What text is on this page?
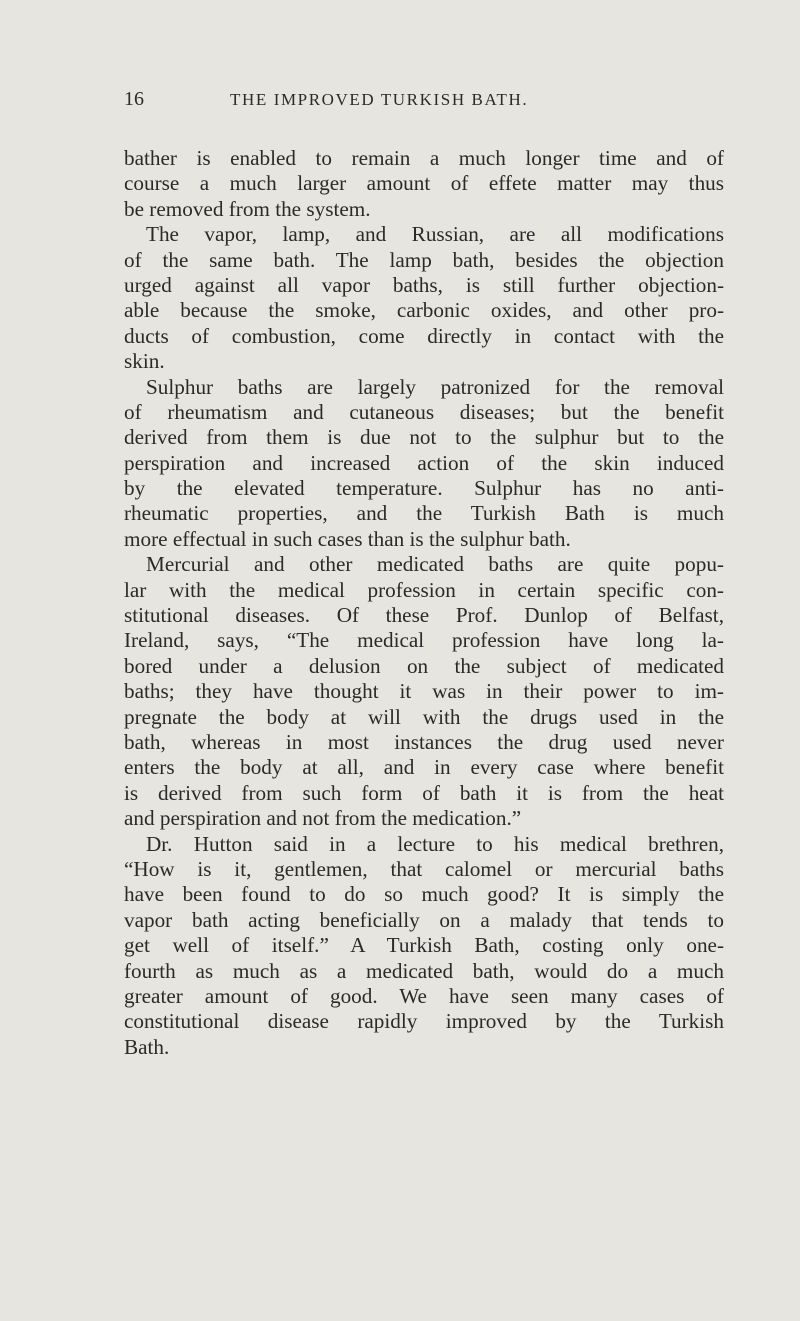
16	THE IMPROVED TURKISH BATH.
bather is enabled to remain a much longer time and of
course a much larger amount of effete matter may thus
be removed from the system.
The vapor, lamp, and Russian, are all modifications
of the same bath. The lamp bath, besides the objection
urged against all vapor baths, is still further objection-
able because the smoke, carbonic oxides, and other pro-
ducts of combustion, come directly in contact with the
skin.
Sulphur baths are largely patronized for the removal
of rheumatism and cutaneous diseases; but the benefit
derived from them is due not to the sulphur but to the
perspiration and increased action of the skin induced
by the elevated temperature. Sulphur has no anti-
rheumatic properties, and the Turkish Bath is much
more effectual in such cases than is the sulphur bath.
Mercurial and other medicated baths are quite popu-
lar with the medical profession in certain specific con-
stitutional diseases. Of these Prof. Dunlop of Belfast,
Ireland, says, “The medical profession have long la-
bored under a delusion on the subject of medicated
baths; they have thought it was in their power to im-
pregnate the body at will with the drugs used in the
bath, whereas in most instances the drug used never
enters the body at all, and in every case where benefit
is derived from such form of bath it is from the heat
and perspiration and not from the medication.”
Dr. Hutton said in a lecture to his medical brethren,
“How is it, gentlemen, that calomel or mercurial baths
have been found to do so much good? It is simply the
vapor bath acting beneficially on a malady that tends to
get well of itself.” A Turkish Bath, costing only one-
fourth as much as a medicated bath, would do a much
greater amount of good. We have seen many cases of
constitutional disease rapidly improved by the Turkish
Bath.
